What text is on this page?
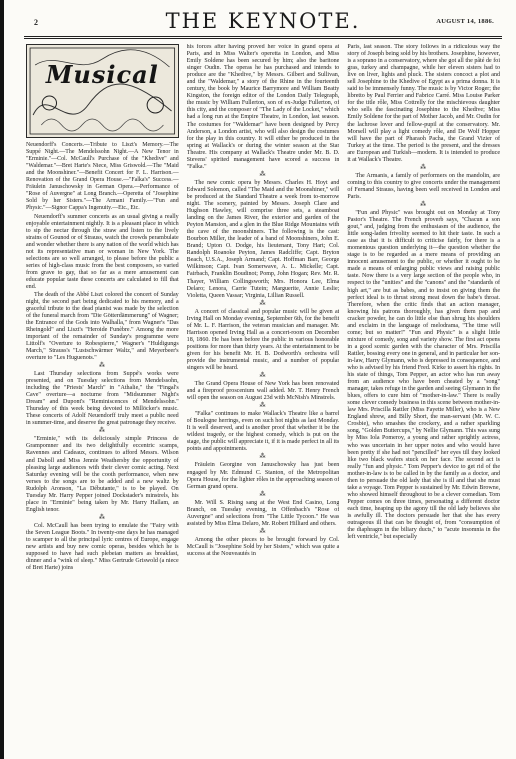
2	THE KEYNOTE.	AUGUST 14, 1886.
Musical
Neuendorff's Concerts.—Tribute to Liszt's Memory.—The Suppé Night.—The Mendelssohn Night.—A New Tenor in "Erminie."—Col. McCaull's Purchase of the "Khedive" and "Waldemar."—Bret Harte's Niece, Miss Griswold.—The "Maid and the Moonshiner."—Benefit Concert for F. L. Harrison.—Renovation of the Grand Opera House.—"Falka's" Success.—Fräulein Januschowsky in German Opera.—Performance of "Rose of Auvergne" at Long Branch.—Operetta of "Josephine Sold by her Sisters."—The Armani Family.—"Fun and Physic."—Signor Cappa's Ingenuity.—Etc., Etc.

Neuendorff's summer concerts as an usual giving a really enjoyable entertainment nightly. It is a pleasant place in which to sip the nectar through the straw and listen to the lively strains of Gounod or of Strauss, watch the crowds perambulate and wonder whether there is any nation of the world which has not its representative man or woman in New York. The selections are so well arranged, to please before the public a series of high-class music from the best composers, so varied from grave to gay, that so far as a mere amusement can educate popular taste these concerts are calculated to fill that end.

The death of the Abbé Liszt colored the concert of Sunday night, the second part being dedicated to his memory, and a graceful tribute to the dead pianist was made by the selection of the funeral march from "Die Götterdämmerung" of Wagner; the Entrance of the Gods into Walhalla," from Wagner's "Das Rheingold" and Liszt's "Heroide Funèbre." Among the more important of the remainder of Sunday's programme were Littolf's "Overture to Robespierre," Wagner's "Huldigungs March," Strauss's "Lustschwärmer Waltz," and Meyerbeer's overture to "Les Huguenots."

⁂

Last Thursday selections from Suppé's works were presented, and on Tuesday selections from Mendelssohn, including the "Priests' March" in "Athalie," the "Fingal's Cave" overture—a nocturne from "Midsummer Night's Dream" and Dupont's "Reminiscences of Mendelssohn." Thursday of this week being devoted to Millöcker's music. These concerts of Adolf Neuendorff truly meet a public need in summer-time, and deserve the great patronage they receive.

⁂

"Erminie," with its deliciously simple Princess de Grampomner and its two delightfully eccentric scamps, Ravennes and Cadeaux, continues to afford Messrs. Wilson and Daboll and Miss Jennie Weathersby the opportunity of pleasing large audiences with their clever comic acting. Next Saturday evening will be the cooth performance, when new verses to the songs are to be added and a new waltz by Rudolph Aronson, "La Débutante," is to be played. On Tuesday Mr. Harry Pepper joined Dockstader's minstrels, his place in "Erminie" being taken by Mr. Harry Hallam, an English tenor.

⁂

Col. McCaull has been trying to emulate the "Fairy with the Seven League Boots." In twenty-one days he has managed to scamper to all the principal lyric centres of Europe, engage new artists and buy new comic operas, besides which he is supposed to have had such plebeian matters as breakfast, dinner and a "wink of sleep." Miss Gertrude Griswold (a niece of Bret Harte) joins

his forces after having proved her voice in grand opera at Paris, and in Miss Walter's operetta in London, and Miss Emily Soldene has been secured by him; also the baritone singer Oudin. The operas he has purchased and intends to produce are the "Khedive," by Messrs. Gilbert and Sullivan, and the "Waldemar," a story of the Rhine in the fourteenth century, the book by Maurice Barrymore and William Beatty Kingston, the foreign editor of the London Daily Telegraph, the music by William Fullerton, son of ex-Judge Fullerton, of this city, and the composer of "The Lady of the Locket," which had a long run at the Empire Theatre, in London, last season. The costumes for "Waldemar" have been designed by Percy Anderson, a London artist, who will also design the costumes for the play in this country. It will either be produced in the spring at Wallack's or during the winter season at the Star Theatre. His company at Wallack's Theatre under Mr. B. D. Stevens' spirited management have scored a success in "Falka."

⁂

The new comic opera by Messrs. Charles H. Hoyt and Edward Solomon, called "The Maid and the Moonshiner," will be produced at the Standard Theatre a week from to-morrow night. The scenery, painted by Messrs. Joseph Clare and Hughson Hawley, will comprise three sets, a steamboat landing on the James River, the exterior and garden of the Peyton Mansion, and a glen in the Blue Ridge Mountains with the cave of the moonshiners. The following is the cast: Bourbon Miller, the leader of a band of Moonshiners, John E. Brand; Upton O. Dodge, his lieutenant, Tony Hart; Col. Randolph Roanoke Peyton, James Radcliffe; Capt. Bryton Beach, U.S.A., Joseph Armand; Capt. Hoffman Barr, George Wilkinson; Capt. Ivan Somerwave, A. L. Mickelle; Capt. Fairbach, Franklin Boudinot; Pomp, John Hogan; Rev. Mr. R. Thayer, William Collingsworth; Mrs. Honora Lee, Elma Delaro; Lenora, Carrie Tutein; Marguerite, Annie Leslie; Violetta, Queen Vassar; Virginia, Lillian Russell.

⁂

A concert of classical and popular music will be given at Irving Hall on Monday evening, September 6th, for the benefit of Mr. L. F. Harrison, the veteran musician and manager. Mr. Harrison opened Irving Hall as a concert-room on December 18, 1860. He has been before the public in various honorable positions for more than thirty years. At the entertainment to be given for his benefit Mr. H. B. Dodworth's orchestra will provide the instrumental music, and a number of popular singers will be heard.

⁂

The Grand Opera House of New York has been renovated and a fireproof proscenium wall added. Mr. T. Henry French will open the season on August 23d with McNish's Minstrels.

⁂

"Falka" continues to make Wallack's Theatre like a barrel of Boulogne herrings, even on such hot nights as last Monday. It is well deserved, and is another proof that whether it be the wildest tragedy, or the highest comedy, which is put on the stage, the public will appreciate it, if it is made perfect in all its points and appointments.

⁂

Fräulein Georgine von Januschowsky has just been engaged by Mr. Edmund C. Stanton, of the Metropolitan Opera House, for the lighter rôles in the approaching season of German grand opera.

⁂

Mr. Will S. Rising sang at the West End Casino, Long Branch, on Tuesday evening, in Offenbach's "Rose of Auvergne" and selections from "The Little Tycoon." He was assisted by Miss Elma Delaro, Mr. Robert Hilliard and others.

⁂

Among the other pieces to be brought forward by Col. McCaull is "Josephine Sold by her Sisters," which was quite a success at the Nouveautés in

Paris, last season. The story follows in a ridiculous way the story of Joseph being sold by his brothers. Josephine, however, is a soprano in a conservatory, where she got all the pâté de foi gras, turkey and champagne, while her eleven sisters had to live on liver, lights and pluck. The sisters concoct a plot and sell Josephine to the Khedive of Egypt as a prima donna. It is said to be immensely funny. The music is by Victor Roger; the libretto by Paul Ferrier and Fabrice Carré. Miss Louise Parker for the title rôle, Miss Cottrelly for the mischievous daughter who sells the fascinating Josephine to the Khedive; Miss Emily Soldene for the part of Mother Jacob, and Mr. Oudin for the lachrose lover and fellow-pupil at the conservatory. Mr. Morsell will play a light comedy rôle, and De Wolf Hopper will have the part of Pharaoh Pacha, the Grand Vizier of Turkey at the time. The period is the present, and the dresses are European and Turkish—modern. It is intended to produce it at Wallack's Theatre.

⁂

The Armanis, a family of performers on the mandolin, are coming to this country to give concerts under the management of Fernand Strauss, having been well received in London and Paris.

⁂

"Fun and Physic" was brought out on Monday at Tony Pastor's Theatre. The French proverb says, "Chacun a son gout," and, judging from the enthusiasm of the audience, the little song-laden frivolity seemed to hit their taste. In such a case as that it is difficult to criticise fairly, for there is a momentous question underlying it—the question whether the stage is to be regarded as a mere means of providing an innocent amusement to the public, or whether it ought to be made a means of enlarging public views and raising public taste. Now there is a very large section of the people who, in respect to the "unities" and the "canons" and the "standards of high art," are but as babes, and to insist on giving them the perfect ideal is to thrust strong meat down the babe's throat. Therefore, when the critic finds that an action manager, knowing his patrons thoroughly, has given them pap and cracker powder, he can do little else than shrug his shoulders and exclaim in the language of melodrama, "The time will come; but so matter!" "Fun and Physic" is a slight little mixture of comedy, song and variety show. The first act opens in a good scenic garden with the character of Mrs. Priscilla Rattler, bossing every one in general, and in particular her son-in-law, Harry Glymann, who is depressed in consequence, and who is advised by his friend Fred. Kirke to assert his rights. In his state of things, Tom Pepper, an actor who has run away from an audience who have been cheated by a "song" manager, takes refuge in the garden and seeing Glymann in the blues, offers to cure him of "mother-in-law." There is really some clever comedy business in this scene between mother-in-law Mrs. Priscilla Rattler (Miss Fayette Miller), who is a New England shrew, and Billy Short, the man-servant (Mr. W. C. Crosbie), who smashes the crockery, and a rather sparkling song, "Golden Buttercups," by Nellie Glymann. This was sung by Miss Iola Pomeroy, a young and rather sprightly actress, who was uncertain in her upper notes and who would have been pretty if she had not "pencilled" her eyes till they looked like two black wafers stuck on her face. The second act is really "fun and physic." Tom Pepper's device to get rid of the mother-in-law is to be called in by the family as a doctor, and then to persuade the old lady that she is ill and that she must take a voyage. Tom Pepper is sustained by Mr. Edwin Browne, who showed himself throughout to be a clever comedian. Tom Pepper comes on three times, personating a different doctor each time, heaping up the agony till the old lady believes she is awfully ill. The doctors persuade her that she has every outrageous ill that can be thought of, from "consumption of the diaphragm in the biliary ducts," to "acute insomnia in the left ventricle," but especially
